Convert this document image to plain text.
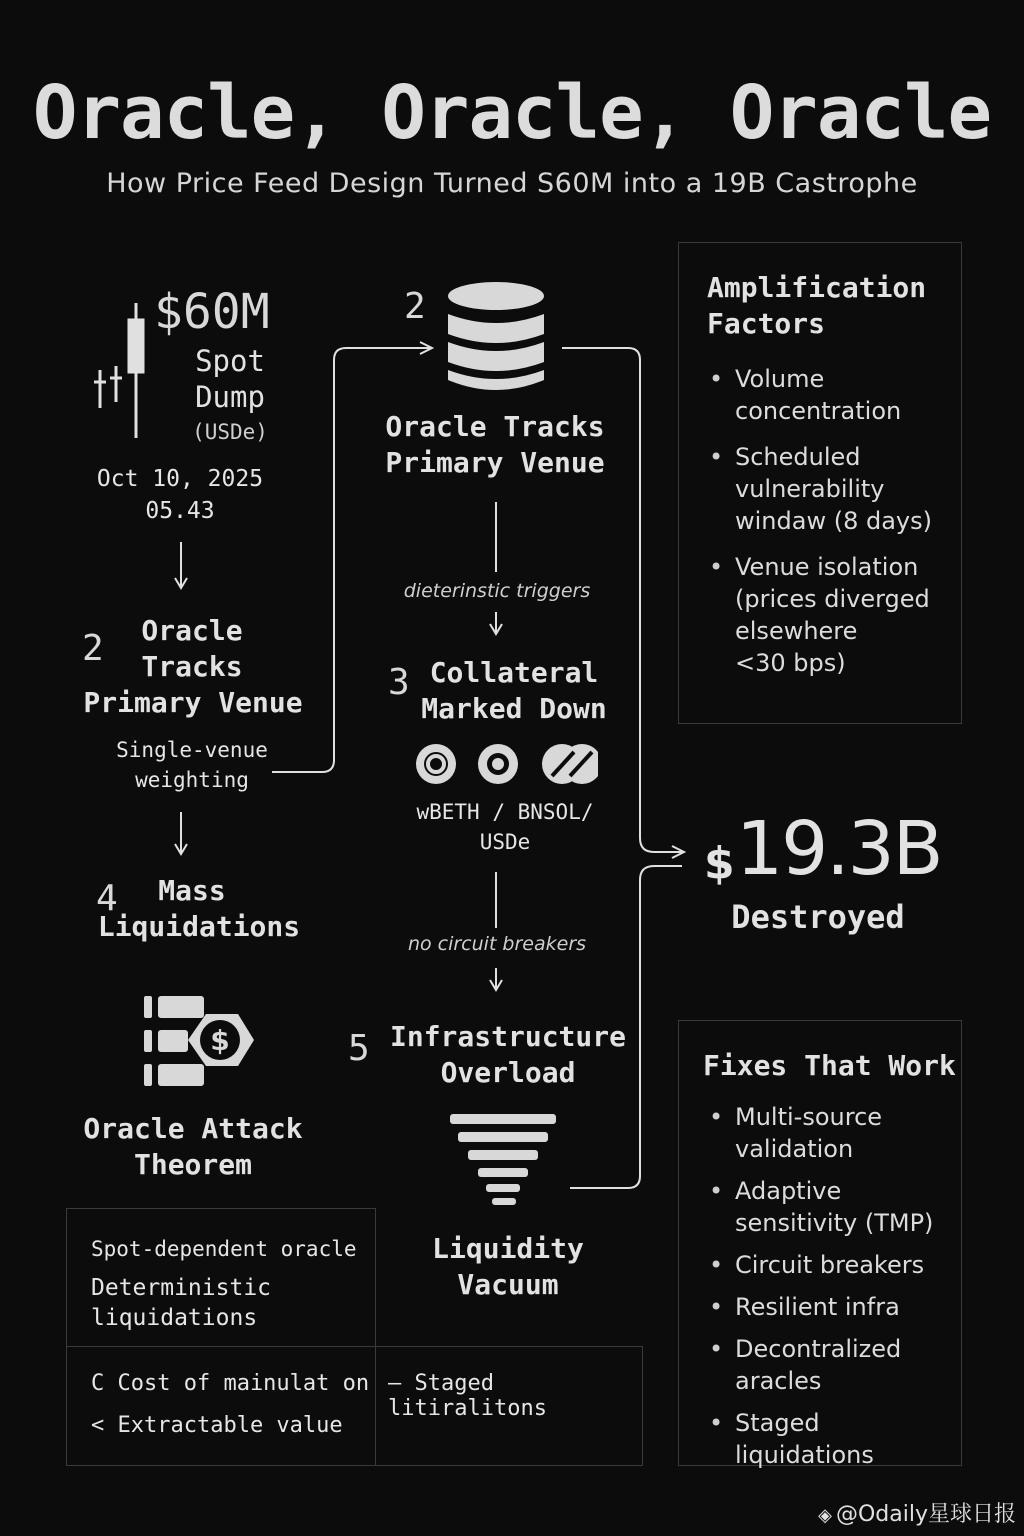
Oracle, Oracle, Oracle
How Price Feed Design Turned S60M into a 19B Castrophe
$60M
Spot
Dump
(USDe)
Oct 10, 2025
05.43
2	Oracle
Tracks
Primary Venue
Single-venue
weighting
4	Mass
Liquidations
$
Oracle Attack
Theorem
2
Oracle Tracks
Primary Venue
dieterinstic triggers
3 Collateral
Marked Down
wBETH / BNSOL/
USDe
no circuit breakers
5 Infrastructure
Overload
Liquidity
Vacuum
Amplification
Factors
• Volume
concentration
• Scheduled
vulnerability
windaw (8 days)
• Venue isolation
(prices diverged
elsewhere
<30 bps)
$ 19.3B
Destroyed
Fixes That Work
• Multi-source
validation
• Adaptive
sensitivity (TMP)
• Circuit breakers
• Resilient infra
• Decontralized
aracles
• Staged liquidations
Spot-dependent oracle
Deterministic
liquidations
C Cost of mainulat on
< Extractable value
– Staged litiralitons
◈ @Odaily星球日报
